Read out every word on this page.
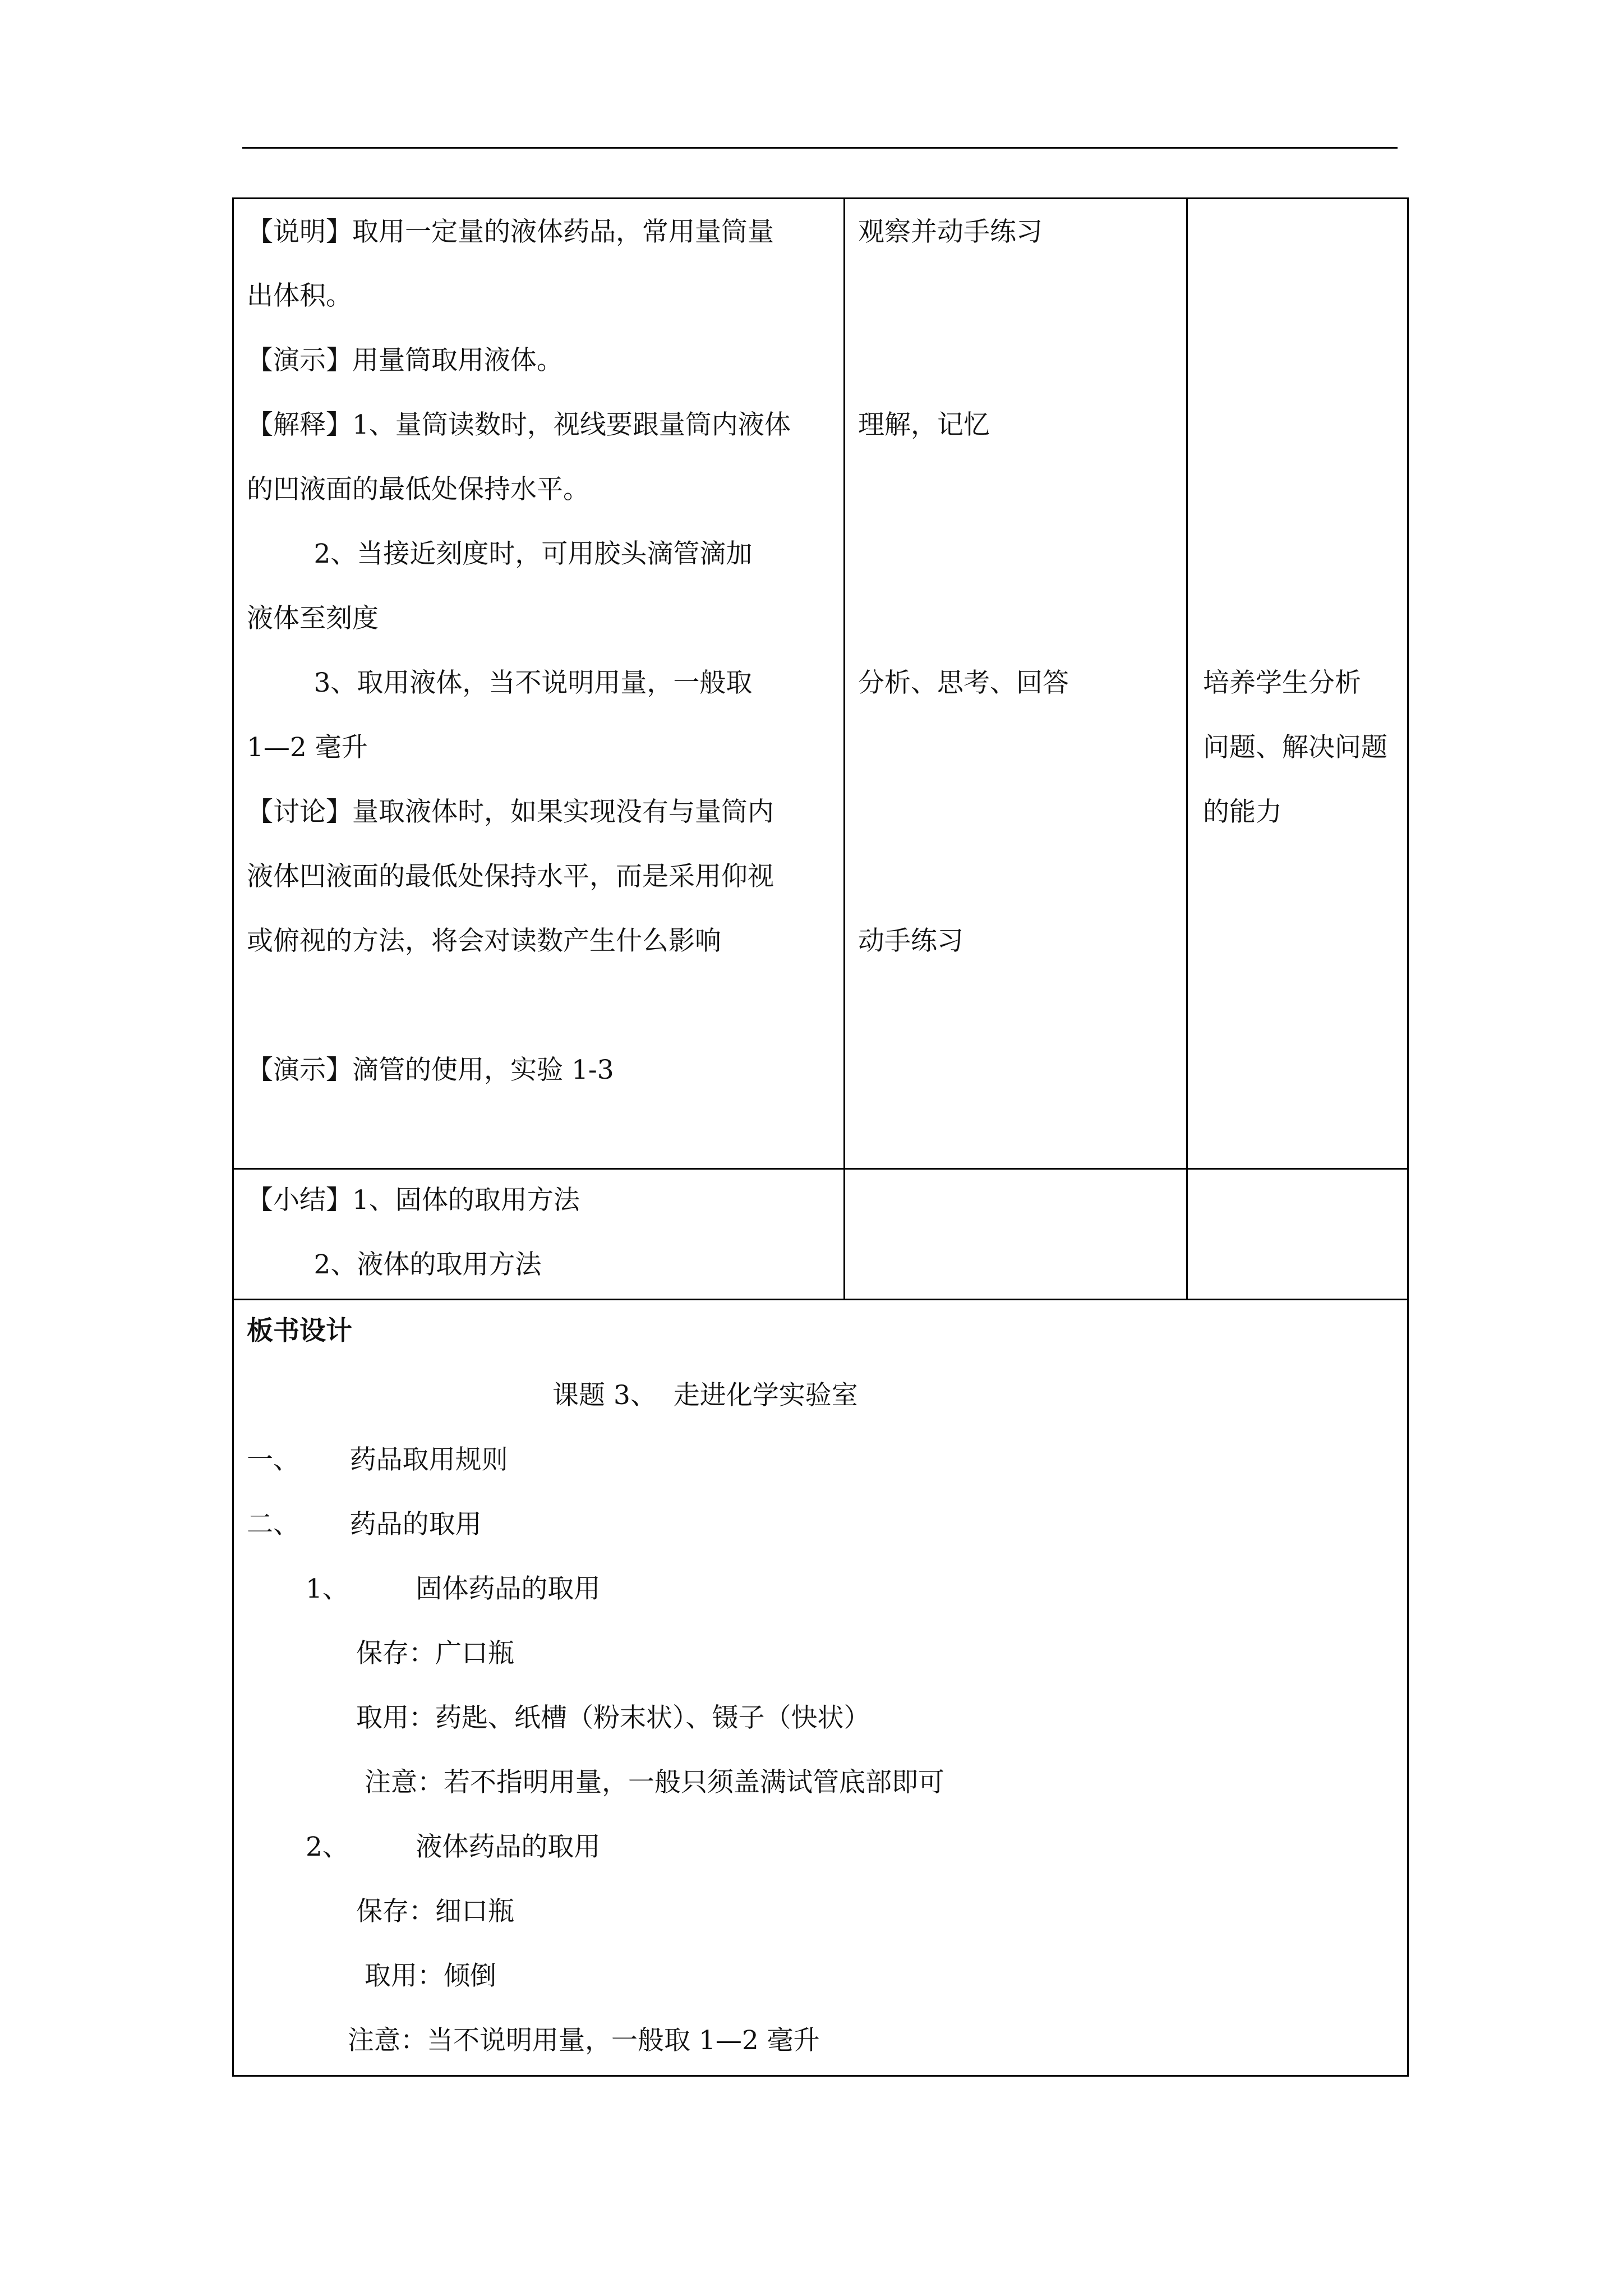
【说明】取用一定量的液体药品，常用量筒量
出体积。
【演示】用量筒取用液体。
【解释】1、量筒读数时，视线要跟量筒内液体
的凹液面的最低处保持水平。
2、当接近刻度时，可用胶头滴管滴加
液体至刻度
3、取用液体，当不说明用量，一般取
1—2 毫升
【讨论】量取液体时，如果实现没有与量筒内
液体凹液面的最低处保持水平，而是采用仰视
或俯视的方法，将会对读数产生什么影响
【演示】滴管的使用，实验 1-3
观察并动手练习
理解，记忆
分析、思考、回答
动手练习
培养学生分析
问题、解决问题
的能力
【小结】1、固体的取用方法
2、液体的取用方法
板书设计
课题 3、  走进化学实验室
一、      药品取用规则
二、      药品的取用
1、        固体药品的取用
保存：广口瓶
取用：药匙、纸槽（粉末状）、镊子（快状）
注意：若不指明用量，一般只须盖满试管底部即可
2、        液体药品的取用
保存：细口瓶
取用：倾倒
注意：当不说明用量，一般取 1—2 毫升
